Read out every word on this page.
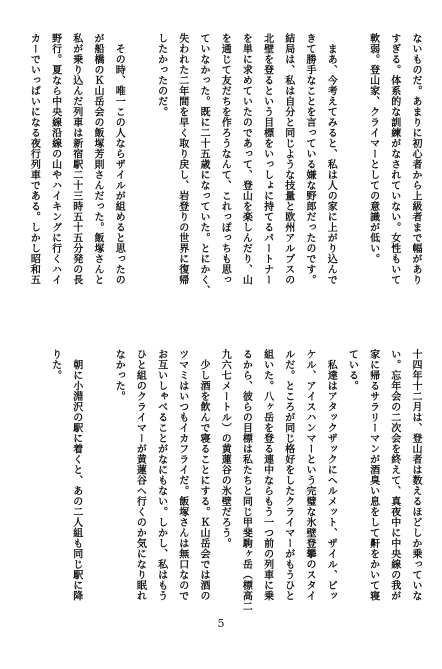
ないものだ。あまりに初心者から上級者まで幅があり
すぎる。体系的な訓練がなされていない。女性もいて
軟弱。登山家、クライマーとしての意識が低い。
　まあ、今考えてみると、私は人の家に上がり込んで
きて勝手なことを言っている嫌な野郎だったのです。
結局は、私は自分と同じような技量と欧州アルプスの
北壁を登るという目標をいっしょに持てるパートナー
を単に求めていたのであって、登山を楽しんだり、山
を通じて友だちを作ろうなんて、これっぽっちも思っ
ていなかった。既に二十五歳になっていた。とにかく、
失われた二年間を早く取り戻し、岩登りの世界に復帰
したかったのだ。
　その時、唯一この人ならザイルが組めると思ったの
が船橋のＫ山岳会の飯塚芳則さんだった。飯塚さんと
私が乗り込んだ列車は新宿駅二十三時五十五分発の長
野行。夏なら中央線沿線の山やハイキングに行くハイ
カーでいっぱいになる夜行列車である。しかし昭和五
十四年十二月は、登山者は数えるほどしか乗っていな
い。忘年会の二次会を終えて、真夜中に中央線の我が
家に帰るサラリーマンが酒臭い息をして鼾をかいて寝
ている。
　私達はアタックザックにヘルメット、ザイル、ピッ
ケル、アイスハンマーという完璧な氷壁登攀のスタイ
ルだ。ところが同じ格好をしたクライマーがもうひと
組いた。八ヶ岳を登る連中ならもう一つ前の列車に乗
るから、彼らの目標は私たちと同じ甲斐駒ヶ岳（標高二
九六七メートル）の黄蓮谷の氷壁だろう。
　少し酒を飲んで寝ることにする。Ｋ山岳会では酒の
ツマミはいつもイカフライだ。飯塚さんは無口なので
お互いしゃべることがなにもない。しかし、私はもう
ひと組のクライマーが黄蓮谷へ行くのか気になり眠れ
なかった。
　朝に小淵沢の駅に着くと、あの二人組も同じ駅に降
りた。
5
